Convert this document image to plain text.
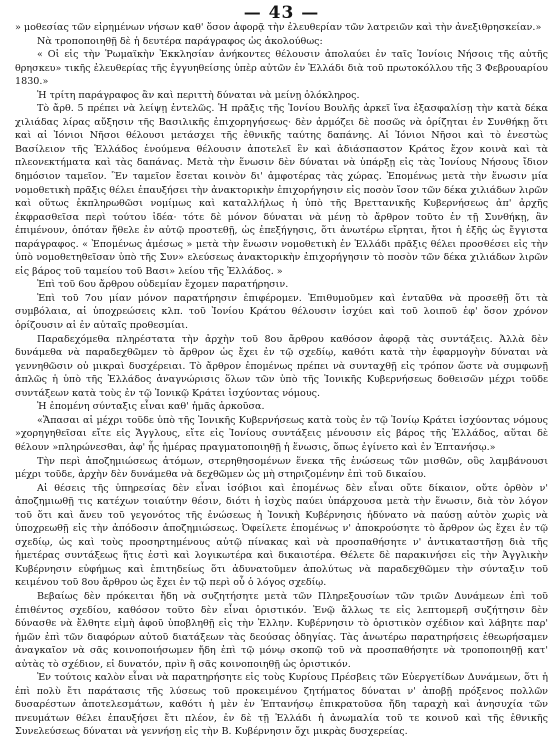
— 43 —

» μοθεσίας τῶν εἰρημένων νήσων καθ' ὅσον ἀφορᾷ τὴν ἐλευθερίαν τῶν λατρειῶν καὶ τὴν ἀνεξιθρησκείαν.»

Νὰ τροποποιηθῇ δὲ ἡ δευτέρα παράγραφος ὡς ἀκολούθως:

« Οἱ εἰς τὴν Ῥωμαϊκὴν Ἐκκλησίαν ἀνήκοντες θέλουσιν ἀπολαύει ἐν ταῖς Ἰονίοις Νήσοις τῆς αὐτῆς θρησκευ» τικῆς ἐλευθερίας τῆς ἐγγυηθείσης ὑπὲρ αὐτῶν ἐν Ἑλλάδι διὰ τοῦ πρωτοκόλλου τῆς 3 Φεβρουαρίου 1830.»

Ἡ τρίτη παράγραφος ἂν καὶ περιττὴ δύναται νὰ μείνῃ ὁλόκληρος.

Τὸ ἄρθ. 5 πρέπει νὰ λείψῃ ἐντελῶς. Ἡ πρᾶξις τῆς Ἰονίου Βουλῆς ἀρκεῖ ἵνα ἐξασφαλίσῃ τὴν κατὰ δέκα χιλιάδας λίρας αὔξησιν τῆς Βασιλικῆς ἐπιχορηγήσεως· δὲν ἁρμόζει δὲ ποσῶς νὰ ὁρίζηται ἐν Συνθήκῃ ὅτι καὶ αἱ Ἰόνιοι Νῆσοι θέλουσι μετάσχει τῆς ἐθνικῆς ταύτης δαπάνης. Αἱ Ἰόνιοι Νῆσοι καὶ τὸ ἐνεστὼς Βασίλειον τῆς Ἑλλάδος ἑνούμενα θέλουσιν ἀποτελεῖ ἓν καὶ ἀδιάσπαστον Κράτος ἔχον κοινὰ καὶ τὰ πλεονεκτήματα καὶ τὰς δαπάνας. Μετὰ τὴν ἕνωσιν δὲν δύναται νὰ ὑπάρξῃ εἰς τὰς Ἰονίους Νήσους ἴδιον δημόσιον ταμεῖον. Ἓν ταμεῖον ἔσεται κοινὸν δι' ἀμφοτέρας τὰς χώρας. Ἐπομένως μετὰ τὴν ἕνωσιν μία νομοθετικὴ πρᾶξις θέλει ἐπαυξήσει τὴν ἀνακτορικὴν ἐπιχορήγησιν εἰς ποσὸν ἴσον τῶν δέκα χιλιάδων λιρῶν καὶ οὕτως ἐκπληρωθῶσι νομίμως καὶ καταλλήλως ἡ ὑπὸ τῆς Βρεττανικῆς Κυβερνήσεως ἀπ' ἀρχῆς ἐκφρασθεῖσα περὶ τούτου ἰδέα· τότε δὲ μόνον δύναται νὰ μένῃ τὸ ἄρθρον τοῦτο ἐν τῇ Συνθήκῃ, ἂν ἐπιμένουν, ὁπόταν ἤθελε ἐν αὐτῷ προστεθῇ, ὡς ἐπεξήγησις, ὅτι ἀνωτέρω εἴρηται, ἤτοι ἡ ἑξῆς ὡς ἔγγιστα παράγραφος. « Ἐπομένως ἀμέσως » μετὰ τὴν ἕνωσιν νομοθετικὴ ἐν Ἑλλάδι πρᾶξις θέλει προσθέσει εἰς τὴν ὑπὸ νομοθετηθεῖσαν ὑπὸ τῆς Συν» ελεύσεως ἀνακτορικὴν ἐπιχορήγησιν τὸ ποσὸν τῶν δέκα χιλιάδων λιρῶν εἰς βάρος τοῦ ταμείου τοῦ Βασι» λείου τῆς Ἑλλάδος. »

Ἐπὶ τοῦ 6ου ἄρθρου οὐδεμίαν ἔχομεν παρατήρησιν.

Ἐπὶ τοῦ 7ου μίαν μόνον παρατήρησιν ἐπιφέρομεν. Ἐπιθυμοῦμεν καὶ ἐνταῦθα νὰ προσεθῇ ὅτι τὰ συμβόλαια, αἱ ὑποχρεώσεις κλπ. τοῦ Ἰονίου Κράτου θέλουσιν ἰσχύει καὶ τοῦ λοιποῦ ἐφ' ὅσον χρόνον ὁρίζουσιν αἱ ἐν αὐταῖς προθεσμίαι.

Παραδεχόμεθα πληρέστατα τὴν ἀρχὴν τοῦ 8ου ἄρθρου καθόσον ἀφορᾷ τὰς συντάξεις. Ἀλλὰ δὲν δυνάμεθα νὰ παραδεχθῶμεν τὸ ἄρθρον ὡς ἔχει ἐν τῷ σχεδίῳ, καθότι κατὰ τὴν ἐφαρμογὴν δύναται νὰ γεννηθῶσιν οὐ μικραὶ δυσχέρειαι. Τὸ ἄρθρον ἐπομένως πρέπει νὰ συνταχθῇ εἰς τρόπον ὥστε νὰ συμφωνῇ ἁπλῶς ἡ ὑπὸ τῆς Ἑλλάδος ἀναγνώρισις ὅλων τῶν ὑπὸ τῆς Ἰονικῆς Κυβερνήσεως δοθεισῶν μέχρι τοῦδε συντάξεων κατὰ τοὺς ἐν τῷ Ἰονικῷ Κράτει ἰσχύοντας νόμους.

Ἡ ἑπομένη σύνταξις εἶναι καθ' ἡμᾶς ἀρκοῦσα.

«Ἅπασαι αἱ μέχρι τοῦδε ὑπὸ τῆς Ἰονικῆς Κυβερνήσεως κατὰ τοὺς ἐν τῷ Ἰονίῳ Κράτει ἰσχύοντας νόμους »χορηγηθεῖσαι εἴτε εἰς Ἄγγλους, εἴτε εἰς Ἰονίους συντάξεις μένουσιν εἰς βάρος τῆς Ἑλλάδος, αὕται δὲ θέλουν »πληρώνεσθαι, ἀφ' ἧς ἡμέρας πραγματοποιηθῇ ἡ ἕνωσις, ὅπως ἐγίνετο καὶ ἐν Ἑπτανήσῳ.»

Τὴν περὶ ἀποζημιώσεως ἀτόμων, στερηθησομένων ἕνεκα τῆς ἑνώσεως τῶν μισθῶν, οὓς λαμβάνουσι μέχρι τοῦδε, ἀρχὴν δὲν δυνάμεθα νὰ δεχθῶμεν ὡς μὴ στηριζομένην ἐπὶ τοῦ δικαίου.

Αἱ θέσεις τῆς ὑπηρεσίας δὲν εἶναι ἰσόβιοι καὶ ἐπομένως δὲν εἶναι οὔτε δίκαιον, οὔτε ὀρθὸν ν' ἀποζημιωθῇ τις κατέχων τοιαύτην θέσιν, διότι ἡ ἰσχὺς παύει ὑπάρχουσα μετὰ τὴν ἕνωσιν, διὰ τὸν λόγον τοῦ ὅτι καὶ ἄνευ τοῦ γεγονότος τῆς ἑνώσεως ἡ Ἰονικὴ Κυβέρνησις ἠδύνατο νὰ παύσῃ αὐτὸν χωρὶς νὰ ὑποχρεωθῇ εἰς τὴν ἀπόδοσιν ἀποζημιώσεως. Ὀφείλετε ἐπομένως ν' ἀποκρούσητε τὸ ἄρθρον ὡς ἔχει ἐν τῷ σχεδίῳ, ὡς καὶ τοὺς προσηρτημένους αὐτῷ πίνακας καὶ νὰ προσπαθήσητε ν' ἀντικαταστῆσῃ διὰ τῆς ἡμετέρας συντάξεως ἥτις ἐστὶ καὶ λογικωτέρα καὶ δικαιοτέρα. Θέλετε δὲ παρακινήσει εἰς τὴν Ἀγγλικὴν Κυβέρνησιν εὐφήμως καὶ ἐπιτηδείως ὅτι ἀδυνατοῦμεν ἀπολύτως νὰ παραδεχθῶμεν τὴν σύνταξιν τοῦ κειμένου τοῦ 8ου ἄρθρου ὡς ἔχει ἐν τῷ περὶ οὗ ὁ λόγος σχεδίῳ.

Βεβαίως δὲν πρόκειται ἤδη νὰ συζητήσητε μετὰ τῶν Πληρεξουσίων τῶν τριῶν Δυνάμεων ἐπὶ τοῦ ἐπιθέντος σχεδίου, καθόσον τοῦτο δὲν εἶναι ὁριστικόν. Ἐνῷ ἄλλως τε εἰς λεπτομερῆ συζήτησιν δὲν δύνασθε νὰ ἔλθητε εἰμὴ ἀφοῦ ὑποβληθῇ εἰς τὴν Ἑλλην. Κυβέρνησιν τὸ ὁριστικὸν σχέδιον καὶ λάβητε παρ' ἡμῶν ἐπὶ τῶν διαφόρων αὐτοῦ διατάξεων τὰς δεούσας ὁδηγίας. Τὰς ἀνωτέρω παρατηρήσεις ἐθεωρήσαμεν ἀναγκαῖον νὰ σᾶς κοινοποιήσωμεν ἤδη ἐπὶ τῷ μόνῳ σκοπῷ τοῦ νὰ προσπαθήσητε νὰ τροποποιηθῇ κατ' αὐτὰς τὸ σχέδιον, εἰ δυνατόν, πρὶν ἢ σᾶς κοινοποιηθῇ ὡς ὁριστικόν.

Ἐν τούτοις καλὸν εἶναι νὰ παρατηρήσητε εἰς τοὺς Κυρίους Πρέσβεις τῶν Εὐεργετίδων Δυνάμεων, ὅτι ἡ ἐπὶ πολὺ ἔτι παράτασις τῆς λύσεως τοῦ προκειμένου ζητήματος δύναται ν' ἀποβῇ πρόξενος πολλῶν δυσαρέστων ἀποτελεσμάτων, καθότι ἡ μὲν ἐν Ἑπτανήσῳ ἐπικρατοῦσα ἤδη ταραχὴ καὶ ἀνησυχία τῶν πνευμάτων θέλει ἐπαυξήσει ἔτι πλέον, ἐν δὲ τῇ Ἑλλάδι ἡ ἀνωμαλία τοῦ τε κοινοῦ καὶ τῆς ἐθνικῆς Συνελεύσεως δύναται νὰ γεννήσῃ εἰς τὴν Β. Κυβέρνησιν ὄχι μικρὰς δυσχερείας.
